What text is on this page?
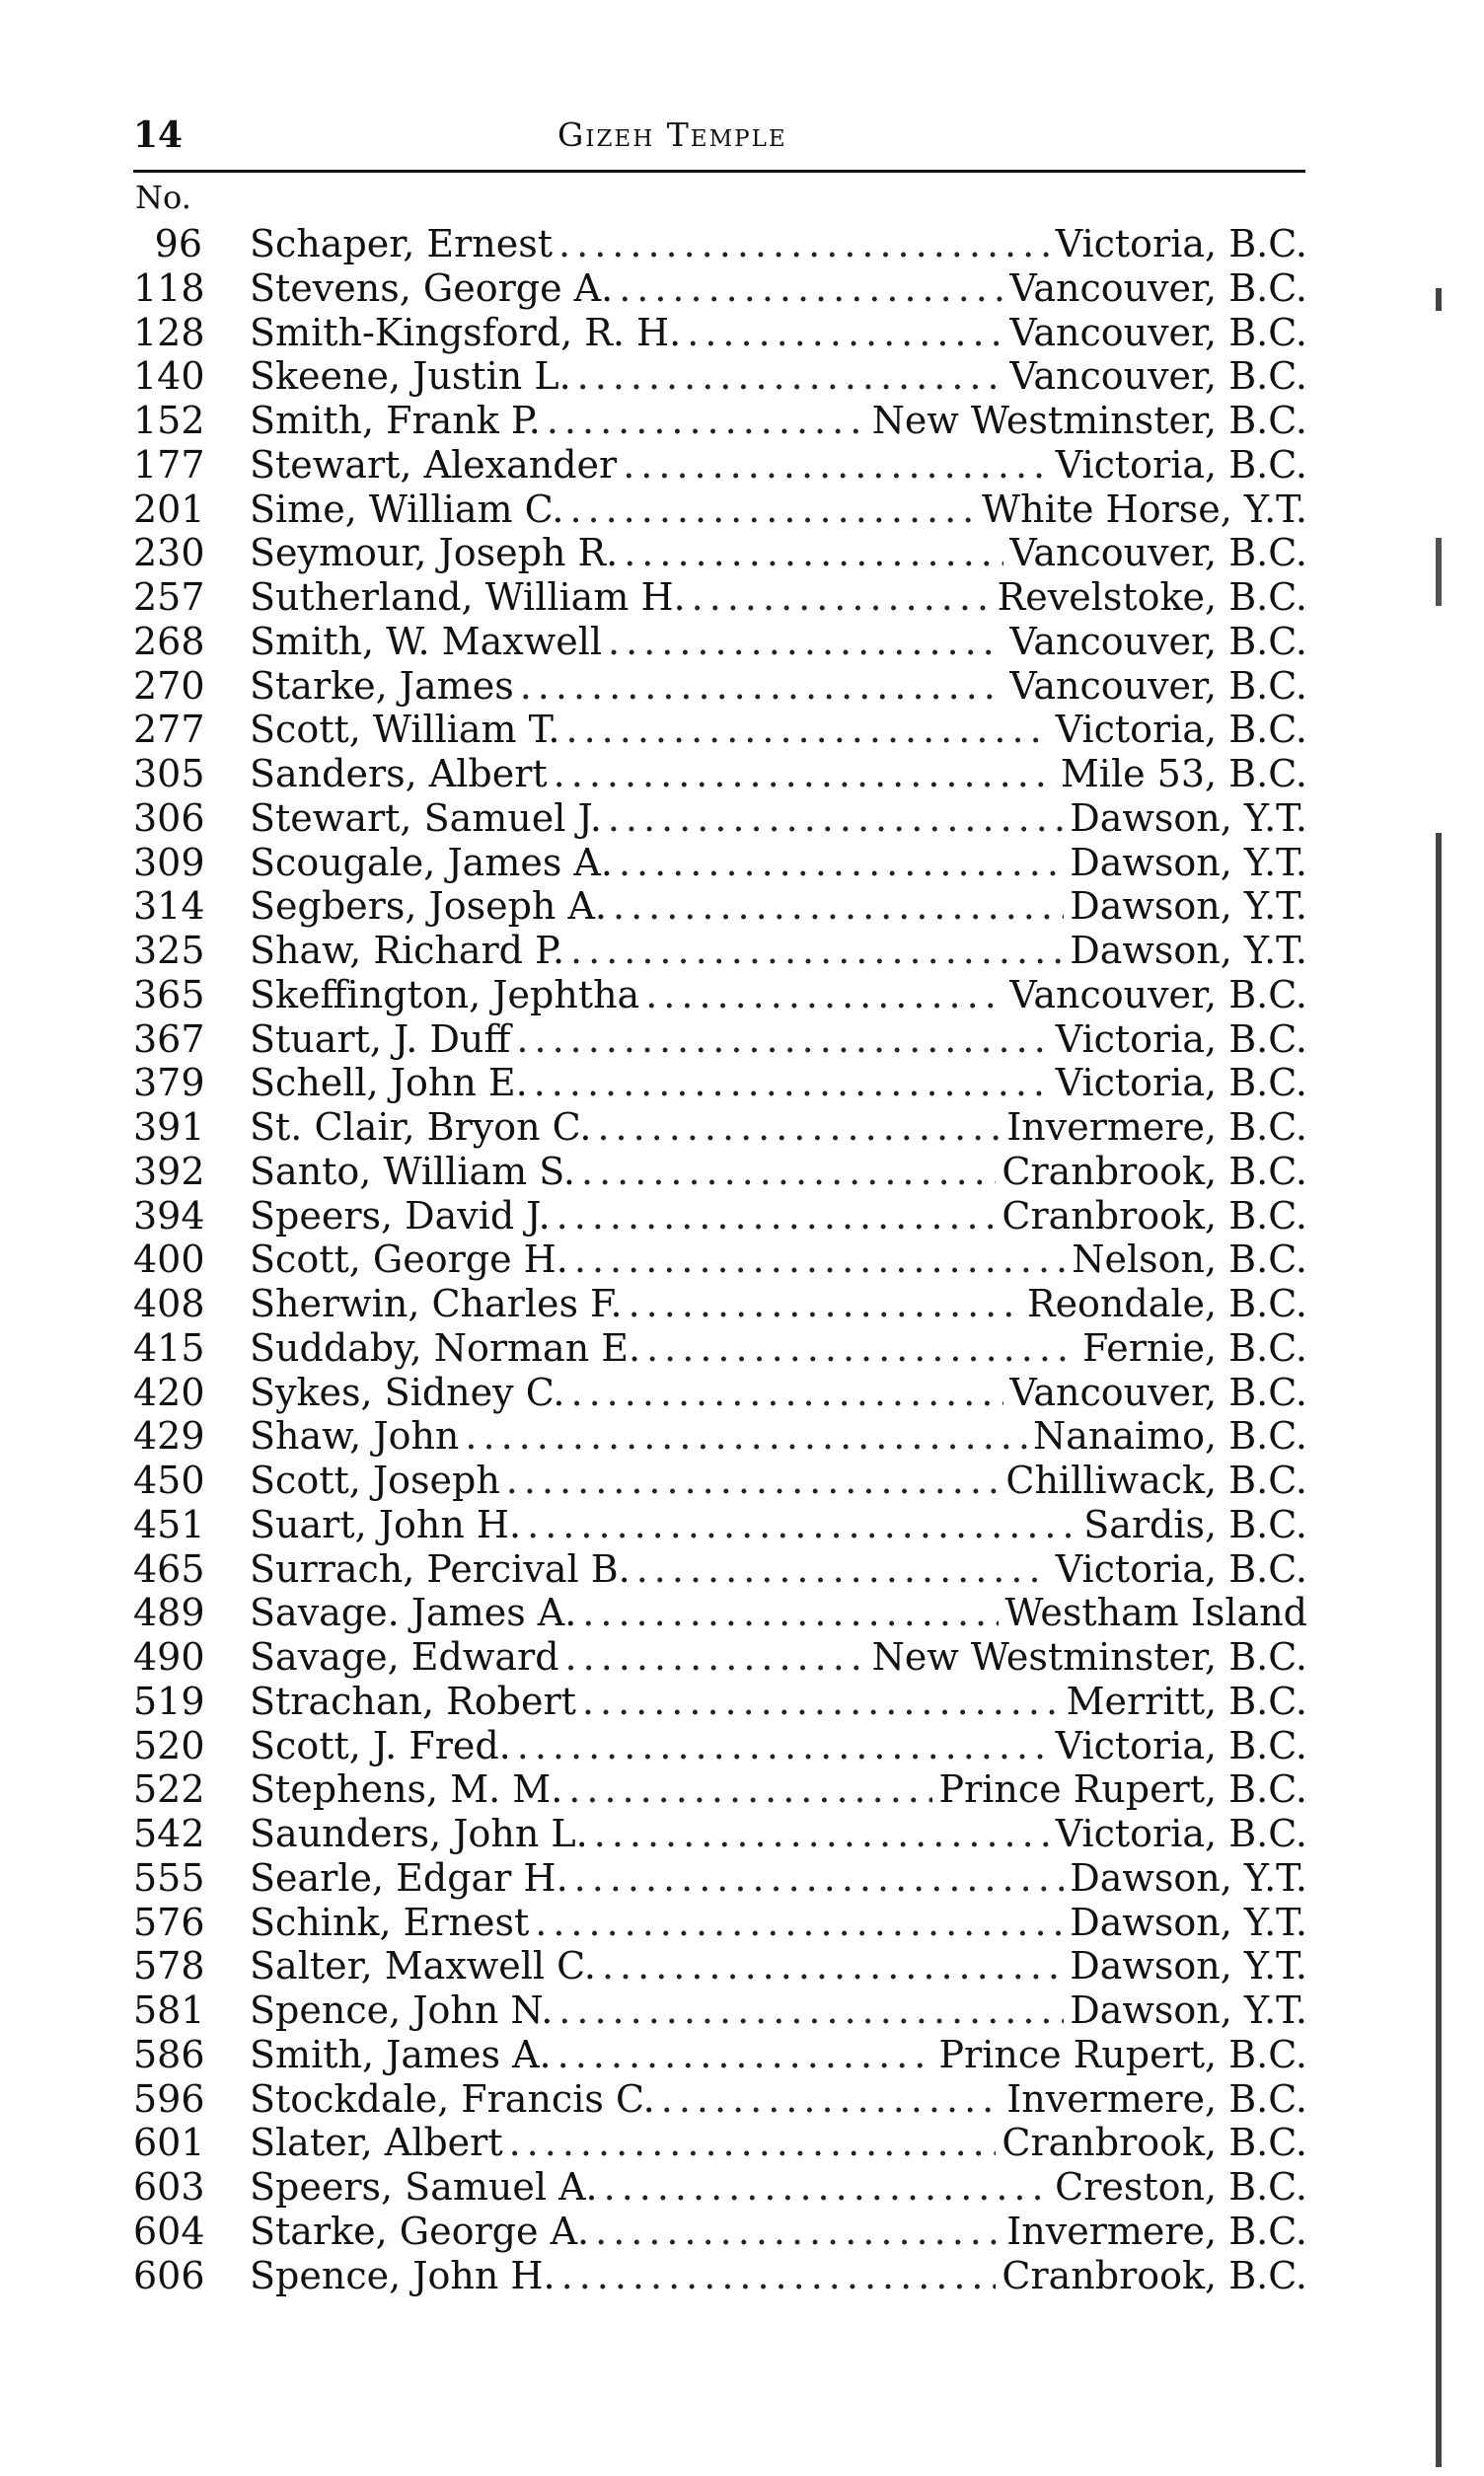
14	Gizeh Temple
No.
96	Schaper, Ernest .....	Victoria, B.C.
118	Stevens, George A. .....	Vancouver, B.C.
128	Smith-Kingsford, R. H. .....	Vancouver, B.C.
140	Skeene, Justin L. .....	Vancouver, B.C.
152	Smith, Frank P. .....	New Westminster, B.C.
177	Stewart, Alexander .....	Victoria, B.C.
201	Sime, William C. .....	White Horse, Y.T.
230	Seymour, Joseph R. .....	Vancouver, B.C.
257	Sutherland, William H. .....	Revelstoke, B.C.
268	Smith, W. Maxwell .....	Vancouver, B.C.
270	Starke, James .....	Vancouver, B.C.
277	Scott, William T. .....	Victoria, B.C.
305	Sanders, Albert .....	Mile 53, B.C.
306	Stewart, Samuel J. .....	Dawson, Y.T.
309	Scougale, James A. .....	Dawson, Y.T.
314	Segbers, Joseph A. .....	Dawson, Y.T.
325	Shaw, Richard P. .....	Dawson, Y.T.
365	Skeffington, Jephtha .....	Vancouver, B.C.
367	Stuart, J. Duff .....	Victoria, B.C.
379	Schell, John E. .....	Victoria, B.C.
391	St. Clair, Bryon C. .....	Invermere, B.C.
392	Santo, William S. .....	Cranbrook, B.C.
394	Speers, David J. .....	Cranbrook, B.C.
400	Scott, George H. .....	Nelson, B.C.
408	Sherwin, Charles F. .....	Reondale, B.C.
415	Suddaby, Norman E. .....	Fernie, B.C.
420	Sykes, Sidney C. .....	Vancouver, B.C.
429	Shaw, John .....	Nanaimo, B.C.
450	Scott, Joseph .....	Chilliwack, B.C.
451	Suart, John H. .....	Sardis, B.C.
465	Surrach, Percival B. .....	Victoria, B.C.
489	Savage. James A. .....	Westham Island
490	Savage, Edward .....	New Westminster, B.C.
519	Strachan, Robert .....	Merritt, B.C.
520	Scott, J. Fred. .....	Victoria, B.C.
522	Stephens, M. M. .....	Prince Rupert, B.C.
542	Saunders, John L. .....	Victoria, B.C.
555	Searle, Edgar H. .....	Dawson, Y.T.
576	Schink, Ernest .....	Dawson, Y.T.
578	Salter, Maxwell C. .....	Dawson, Y.T.
581	Spence, John N. .....	Dawson, Y.T.
586	Smith, James A. .....	Prince Rupert, B.C.
596	Stockdale, Francis C. .....	Invermere, B.C.
601	Slater, Albert .....	Cranbrook, B.C.
603	Speers, Samuel A. .....	Creston, B.C.
604	Starke, George A. .....	Invermere, B.C.
606	Spence, John H. .....	Cranbrook, B.C.
